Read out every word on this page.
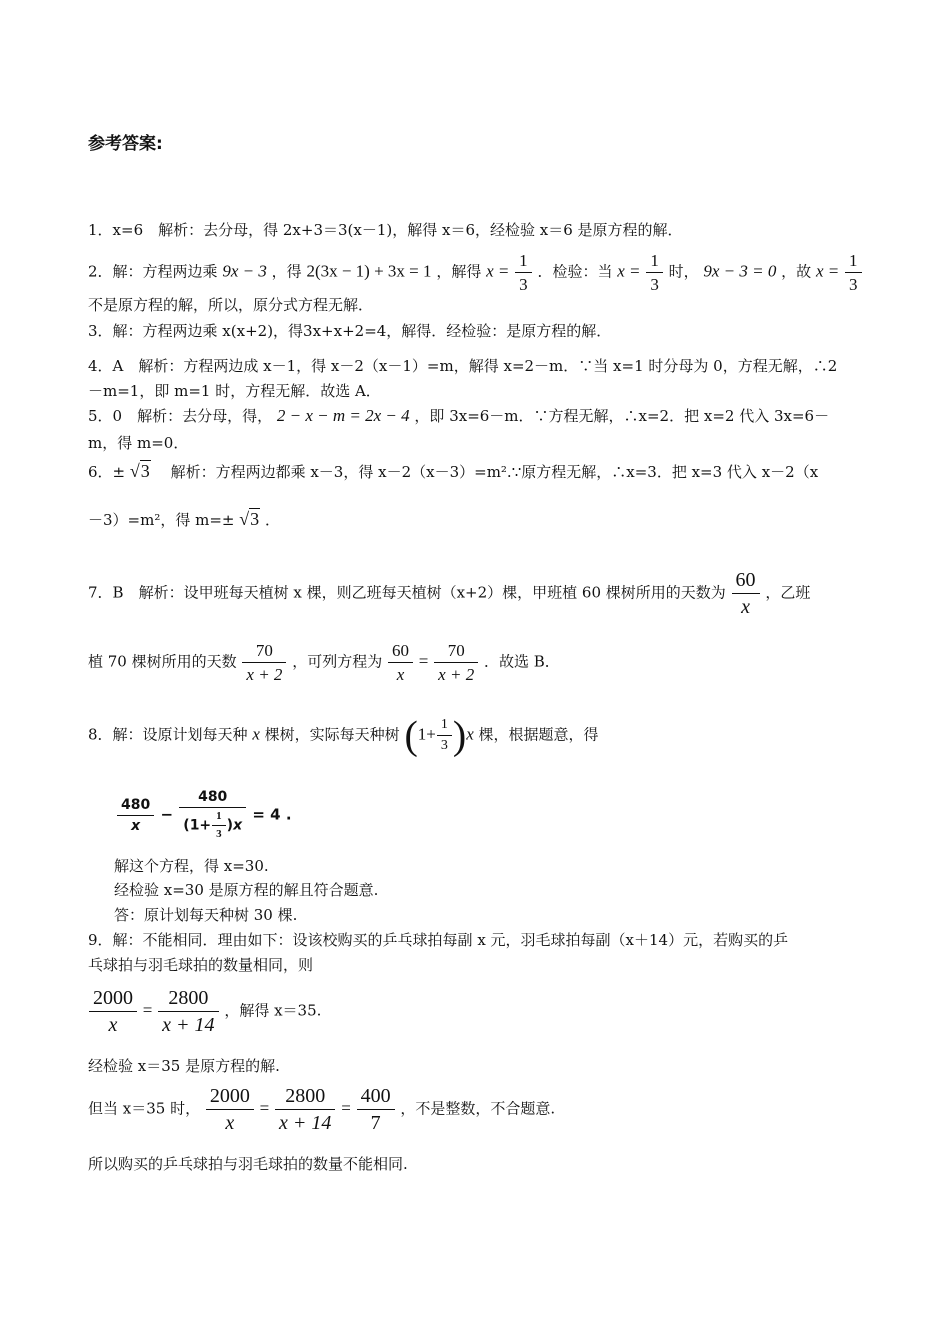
参考答案:
1．x=6　解析：去分母，得 2x+3＝3(x－1)，解得 x＝6，经检验 x＝6 是原方程的解．
2．解：方程两边乘 9x − 3 ，得 2(3x − 1) + 3x = 1 ，解得 $x = \frac{1}{3}$ ．检验：当 $x = \frac{1}{3}$ 时， 9x − 3 = 0 ，故 $x = \frac{1}{3}$
不是原方程的解，所以，原分式方程无解．
3．解：方程两边乘 x(x+2)，得3x+x+2=4，解得．经检验：是原方程的解．
4．A　解析：方程两边成 x－1，得 x－2（x－1）=m，解得 x=2－m．∵当 x=1 时分母为 0，方程无解，∴2
－m=1，即 m=1 时，方程无解．故选 A．
5．0　解析：去分母，得， 2 − x − m = 2x − 4 ，即 3x=6－m．∵方程无解，∴x=2．把 x=2 代入 3x=6－
m，得 m=0．
6．± √3 　解析：方程两边都乘 x－3，得 x－2（x－3）=m².∵原方程无解，∴x=3．把 x=3 代入 x－2（x
－3）=m²，得 m=± √3 ．
7．B　解析：设甲班每天植树 x 棵，则乙班每天植树（x+2）棵，甲班植 60 棵树所用的天数为 $\frac{60}{x}$ ，乙班
植 70 棵树所用的天数 $\frac{70}{x + 2}$ ，可列方程为 $\frac{60}{x} = \frac{70}{x + 2}$ ．故选 B．
8．解：设原计划每天种 x 棵树，实际每天种树 $(1+ \frac{1}{3} )x$ 棵，根据题意，得
$\frac{480}{x} - \frac{480}{(1+ \frac{1}{3} )x} = 4$ .
解这个方程，得 x=30.
经检验 x=30 是原方程的解且符合题意.
答：原计划每天种树 30 棵.
9．解：不能相同．理由如下：设该校购买的乒乓球拍每副 x 元，羽毛球拍每副（x＋14）元，若购买的乒
乓球拍与羽毛球拍的数量相同，则
$\frac{2000}{x} = \frac{2800}{x + 14}$ ，解得 x＝35.
经检验 x＝35 是原方程的解.
但当 x＝35 时， $\frac{2000}{x} = \frac{2800}{x + 14} = \frac{400}{7}$ ，不是整数，不合题意.
所以购买的乒乓球拍与羽毛球拍的数量不能相同.
